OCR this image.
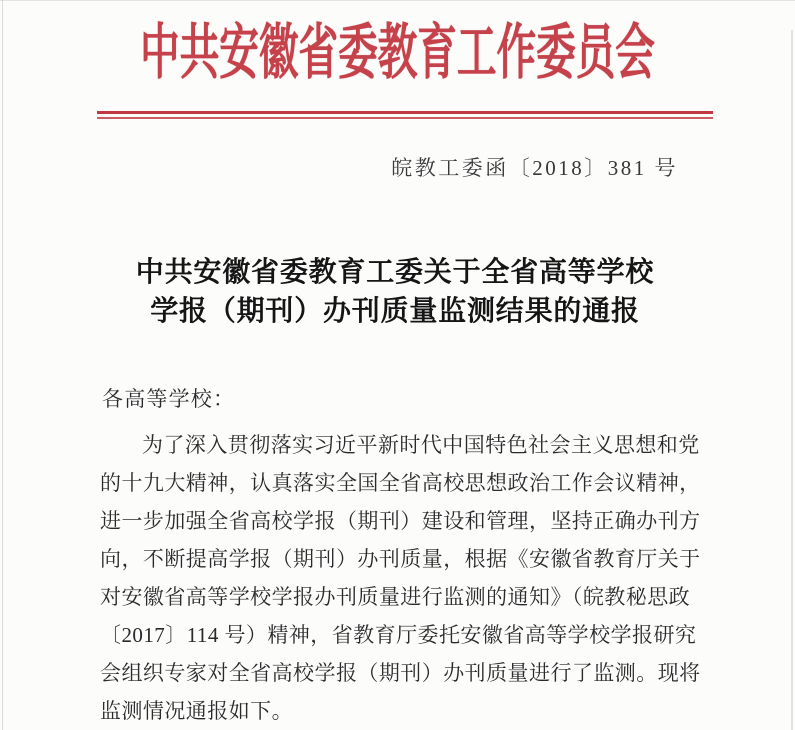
中共安徽省委教育工作委员会
皖教工委函〔2018〕381 号
中共安徽省委教育工委关于全省高等学校
学报（期刊）办刊质量监测结果的通报
各高等学校：
为了深入贯彻落实习近平新时代中国特色社会主义思想和党
的十九大精神，认真落实全国全省高校思想政治工作会议精神，
进一步加强全省高校学报（期刊）建设和管理，坚持正确办刊方
向，不断提高学报（期刊）办刊质量，根据《安徽省教育厅关于
对安徽省高等学校学报办刊质量进行监测的通知》（皖教秘思政
〔2017〕114 号）精神，省教育厅委托安徽省高等学校学报研究
会组织专家对全省高校学报（期刊）办刊质量进行了监测。现将
监测情况通报如下。
